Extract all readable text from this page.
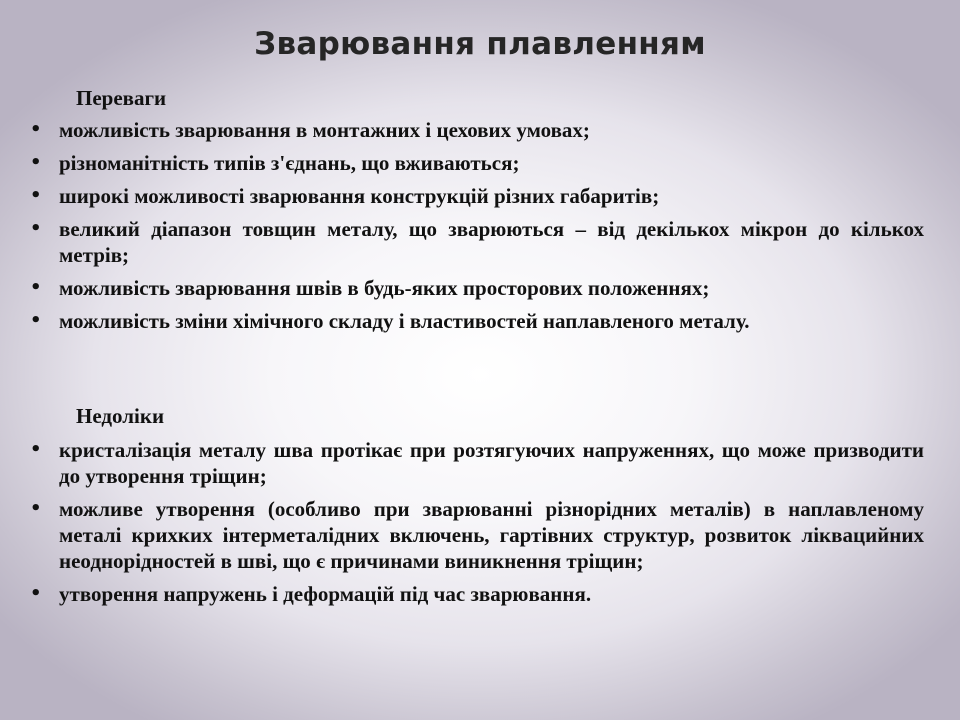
Зварювання плавленням
Переваги
• можливість зварювання в монтажних і цехових умовах;
• різноманітність типів з'єднань, що вживаються;
• широкі можливості зварювання конструкцій різних габаритів;
• великий діапазон товщин металу, що зварюються – від декількох мікрон до кількох метрів;
• можливість зварювання швів в будь-яких просторових положеннях;
• можливість зміни хімічного складу і властивостей наплавленого металу.
Недоліки
• кристалізація металу шва протікає при розтягуючих напруженнях, що може призводити до утворення тріщин;
• можливе утворення (особливо при зварюванні різнорідних металів) в наплавленому металі крихких інтерметалідних включень, гартівних структур, розвиток ліквацийних неоднорідностей в шві, що є причинами виникнення тріщин;
• утворення напружень і деформацій під час зварювання.
